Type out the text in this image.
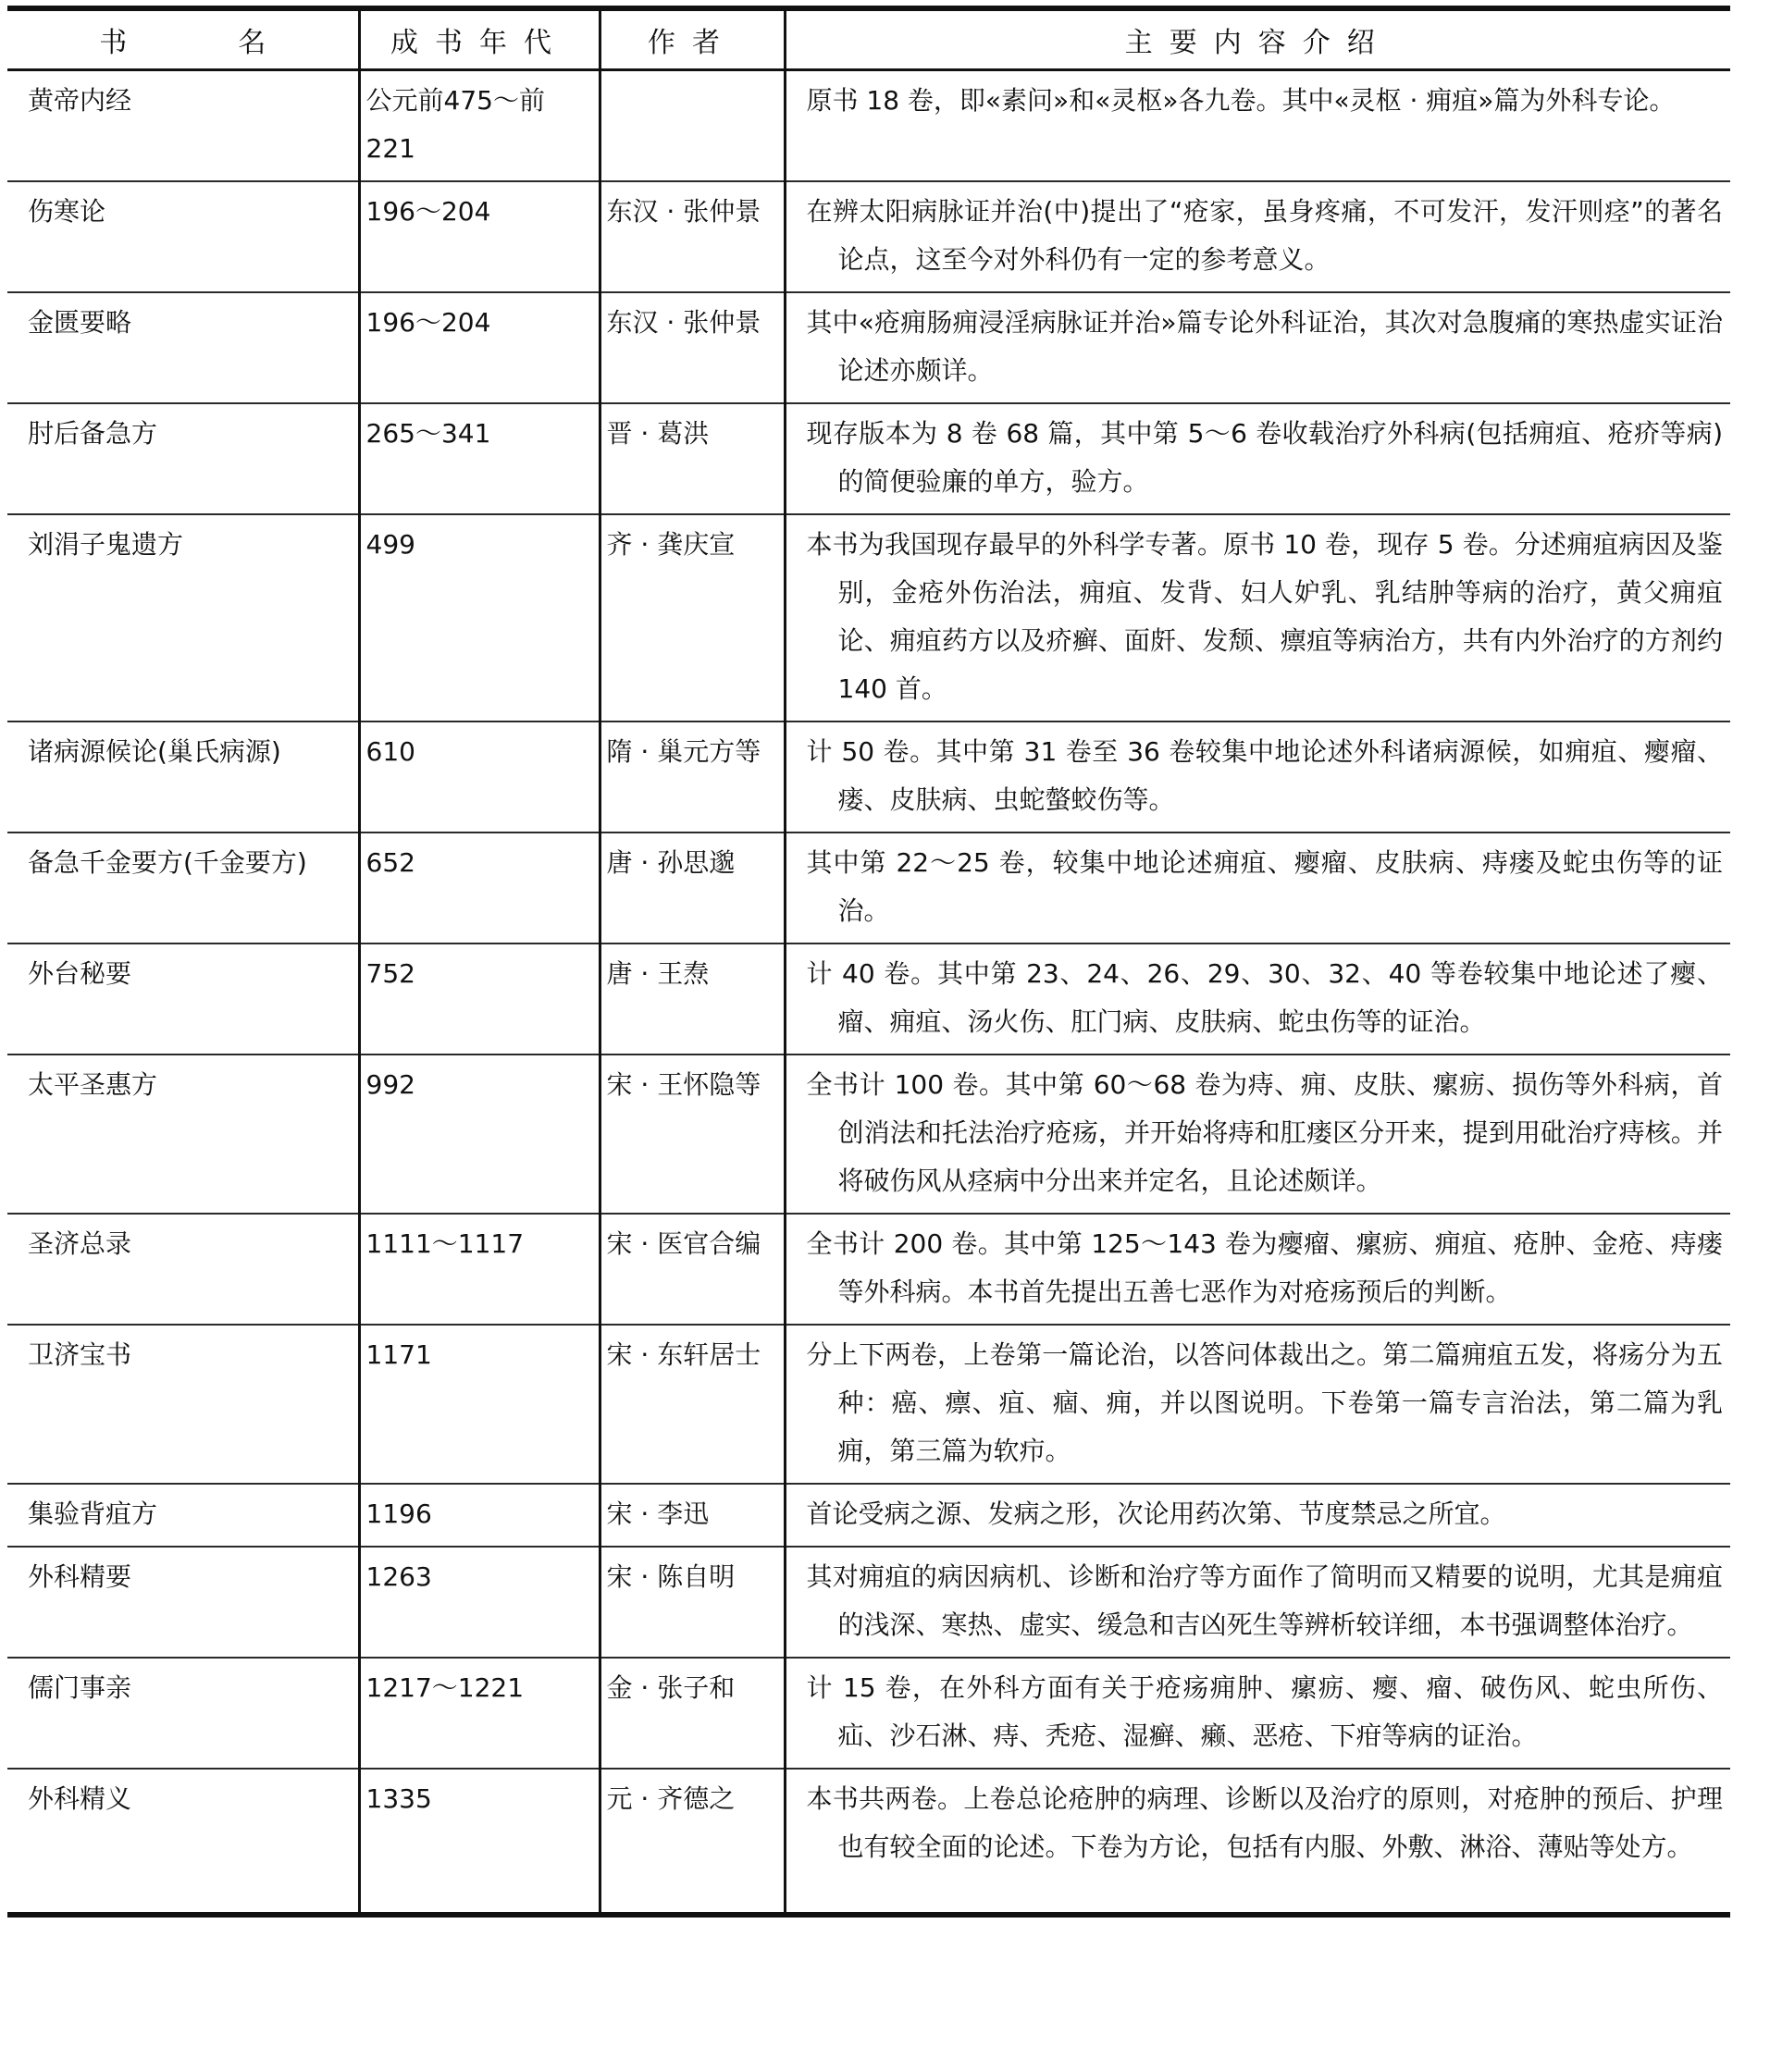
书 名	成书年代	作者	主要内容介绍

黄帝内经	公元前475～前221		原书 18 卷，即«素问»和«灵枢»各九卷。其中«灵枢 · 痈疽»篇为外科专论。

伤寒论	196～204	东汉 · 张仲景	在辨太阳病脉证并治(中)提出了“疮家，虽身疼痛，不可发汗，发汗则痉”的著名论点，这至今对外科仍有一定的参考意义。

金匮要略	196～204	东汉 · 张仲景	其中«疮痈肠痈浸淫病脉证并治»篇专论外科证治，其次对急腹痛的寒热虚实证治论述亦颇详。

肘后备急方	265～341	晋 · 葛洪	现存版本为 8 卷 68 篇，其中第 5～6 卷收载治疗外科病(包括痈疽、疮疥等病)的简便验廉的单方，验方。

刘涓子鬼遗方	499	齐 · 龚庆宣	本书为我国现存最早的外科学专著。原书 10 卷，现存 5 卷。分述痈疽病因及鉴别，金疮外伤治法，痈疽、发背、妇人妒乳、乳结肿等病的治疗，黄父痈疽论、痈疽药方以及疥癣、面皯、发颓、瘭疽等病治方，共有内外治疗的方剂约 140 首。

诸病源候论(巢氏病源)	610	隋 · 巢元方等	计 50 卷。其中第 31 卷至 36 卷较集中地论述外科诸病源候，如痈疽、瘿瘤、瘘、皮肤病、虫蛇螫蛟伤等。

备急千金要方(千金要方)	652	唐 · 孙思邈	其中第 22～25 卷，较集中地论述痈疽、瘿瘤、皮肤病、痔瘘及蛇虫伤等的证治。

外台秘要	752	唐 · 王焘	计 40 卷。其中第 23、24、26、29、30、32、40 等卷较集中地论述了瘿、瘤、痈疽、汤火伤、肛门病、皮肤病、蛇虫伤等的证治。

太平圣惠方	992	宋 · 王怀隐等	全书计 100 卷。其中第 60～68 卷为痔、痈、皮肤、瘰疬、损伤等外科病，首创消法和托法治疗疮疡，并开始将痔和肛瘘区分开来，提到用砒治疗痔核。并将破伤风从痉病中分出来并定名，且论述颇详。

圣济总录	1111～1117	宋 · 医官合编	全书计 200 卷。其中第 125～143 卷为瘿瘤、瘰疬、痈疽、疮肿、金疮、痔瘘等外科病。本书首先提出五善七恶作为对疮疡预后的判断。

卫济宝书	1171	宋 · 东轩居士	分上下两卷，上卷第一篇论治，以答问体裁出之。第二篇痈疽五发，将疡分为五种：癌、瘭、疽、痼、痈，并以图说明。下卷第一篇专言治法，第二篇为乳痈，第三篇为软疖。

集验背疽方	1196	宋 · 李迅	首论受病之源、发病之形，次论用药次第、节度禁忌之所宜。

外科精要	1263	宋 · 陈自明	其对痈疽的病因病机、诊断和治疗等方面作了简明而又精要的说明，尤其是痈疽的浅深、寒热、虚实、缓急和吉凶死生等辨析较详细，本书强调整体治疗。

儒门事亲	1217～1221	金 · 张子和	计 15 卷，在外科方面有关于疮疡痈肿、瘰疬、瘿、瘤、破伤风、蛇虫所伤、疝、沙石淋、痔、秃疮、湿癣、癞、恶疮、下疳等病的证治。

外科精义	1335	元 · 齐德之	本书共两卷。上卷总论疮肿的病理、诊断以及治疗的原则，对疮肿的预后、护理也有较全面的论述。下卷为方论，包括有内服、外敷、淋浴、薄贴等处方。
